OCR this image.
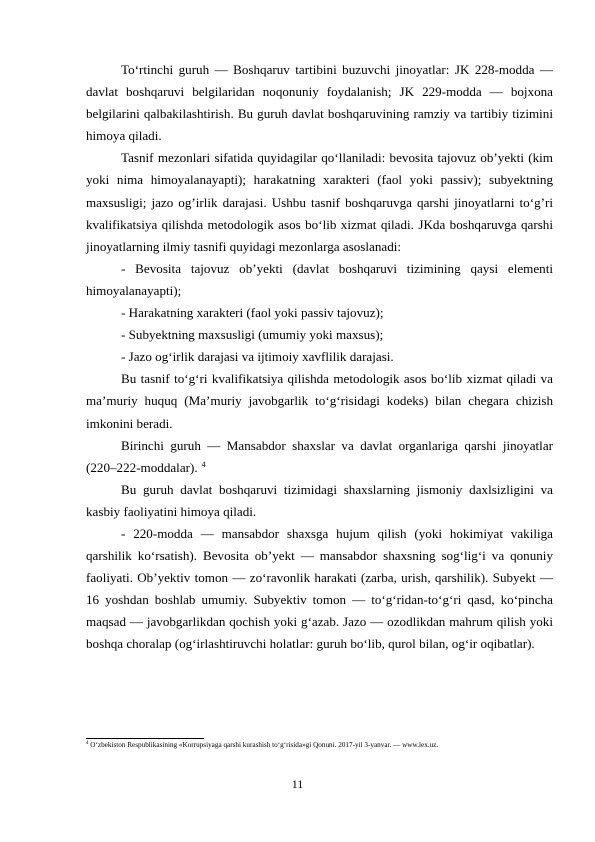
To‘rtinchi guruh — Boshqaruv tartibini buzuvchi jinoyatlar: JK 228-modda — davlat boshqaruvi belgilaridan noqonuniy foydalanish; JK 229-modda — bojxona belgilarini qalbakilashtirish. Bu guruh davlat boshqaruvining ramziy va tartibiy tizimini himoya qiladi.

Tasnif mezonlari sifatida quyidagilar qo‘llaniladi: bevosita tajovuz ob’yekti (kim yoki nima himoyalanayapti); harakatning xarakteri (faol yoki passiv); subyektning maxsusligi; jazo og’irlik darajasi. Ushbu tasnif boshqaruvga qarshi jinoyatlarni to‘g’ri kvalifikatsiya qilishda metodologik asos bo‘lib xizmat qiladi. JKda boshqaruvga qarshi jinoyatlarning ilmiy tasnifi quyidagi mezonlarga asoslanadi:

- Bevosita tajovuz ob’yekti (davlat boshqaruvi tizimining qaysi elementi himoyalanayapti);

- Harakatning xarakteri (faol yoki passiv tajovuz);

- Subyektning maxsusligi (umumiy yoki maxsus);

- Jazo og‘irlik darajasi va ijtimoiy xavflilik darajasi.

Bu tasnif to‘g‘ri kvalifikatsiya qilishda metodologik asos bo‘lib xizmat qiladi va ma’muriy huquq (Ma’muriy javobgarlik to‘g‘risidagi kodeks) bilan chegara chizish imkonini beradi.

Birinchi guruh — Mansabdor shaxslar va davlat organlariga qarshi jinoyatlar (220–222-moddalar). $^4$

Bu guruh davlat boshqaruvi tizimidagi shaxslarning jismoniy daxlsizligini va kasbiy faoliyatini himoya qiladi.

- 220-modda — mansabdor shaxsga hujum qilish (yoki hokimiyat vakiliga qarshilik ko‘rsatish). Bevosita ob’yekt — mansabdor shaxsning sog‘lig‘i va qonuniy faoliyati. Ob’yektiv tomon — zo‘ravonlik harakati (zarba, urish, qarshilik). Subyekt — 16 yoshdan boshlab umumiy. Subyektiv tomon — to‘g‘ridan-to‘g‘ri qasd, ko‘pincha maqsad — javobgarlikdan qochish yoki g‘azab. Jazo — ozodlikdan mahrum qilish yoki boshqa choralap (og‘irlashtiruvchi holatlar: guruh bo‘lib, qurol bilan, og‘ir oqibatlar).

$^4$ O‘zbekiston Respublikasining «Korrupsiyaga qarshi kurashish to‘g‘risida»gi Qonuni. 2017-yil 3-yanvar. — www.lex.uz.

11
